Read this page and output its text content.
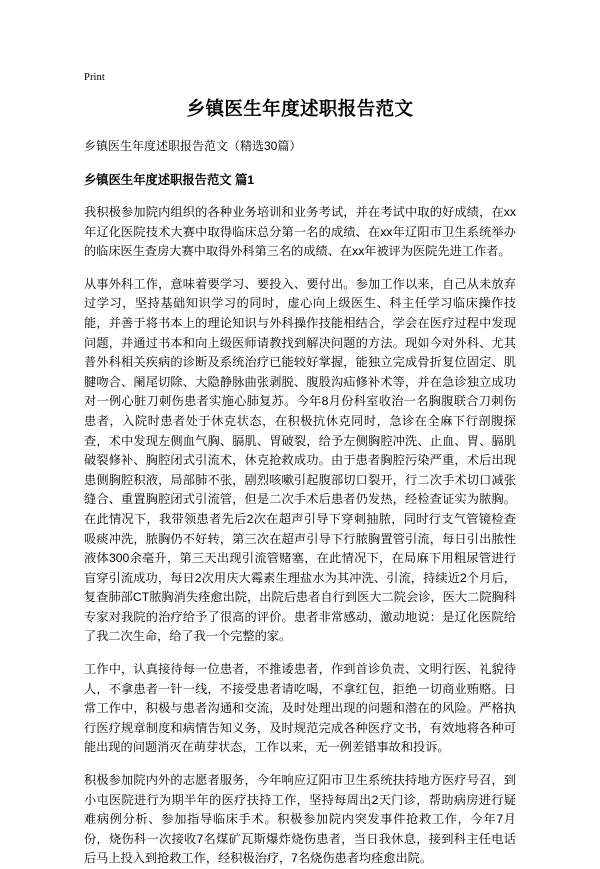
Print
乡镇医生年度述职报告范文

乡镇医生年度述职报告范文（精选30篇）

乡镇医生年度述职报告范文 篇1

我积极参加院内组织的各种业务培训和业务考试，并在考试中取的好成绩，在xx年辽化医院技术大赛中取得临床总分第一名的成绩、在xx年辽阳市卫生系统举办的临床医生查房大赛中取得外科第三名的成绩、在xx年被评为医院先进工作者。

从事外科工作，意味着要学习、要投入、要付出。参加工作以来，自己从未放弃过学习，坚持基础知识学习的同时，虚心向上级医生、科主任学习临床操作技能，并善于将书本上的理论知识与外科操作技能相结合，学会在医疗过程中发现问题，并通过书本和向上级医师请教找到解决问题的方法。现如今对外科、尤其普外科相关疾病的诊断及系统治疗已能较好掌握，能独立完成骨折复位固定、肌腱吻合、阑尾切除、大隐静脉曲张剥脱、腹股沟疝修补术等，并在急诊独立成功对一例心脏刀刺伤患者实施心肺复苏。今年8月份科室收治一名胸腹联合刀刺伤患者，入院时患者处于休克状态，在积极抗休克同时，急诊在全麻下行剖腹探查，术中发现左侧血气胸、膈肌、胃破裂，给予左侧胸腔冲洗、止血、胃、膈肌破裂修补、胸腔闭式引流术，休克抢救成功。由于患者胸腔污染严重，术后出现患侧胸腔积液，局部肺不张，剧烈咳嗽引起腹部切口裂开，行二次手术切口减张缝合、重置胸腔闭式引流管，但是二次手术后患者仍发热，经检查证实为脓胸。在此情况下，我带领患者先后2次在超声引导下穿刺抽脓，同时行支气管镜检查吸痰冲洗，脓胸仍不好转，第三次在超声引导下行脓胸置管引流，每日引出脓性液体300余毫升，第三天出现引流管赌塞，在此情况下，在局麻下用粗尿管进行盲穿引流成功，每日2次用庆大霉素生理盐水为其冲洗、引流，持续近2个月后，复查肺部CT脓胸消失痊愈出院，出院后患者自行到医大二院会诊，医大二院胸科专家对我院的治疗给予了很高的评价。患者非常感动，激动地说：是辽化医院给了我二次生命，给了我一个完整的家。

工作中，认真接待每一位患者，不推诿患者，作到首诊负责、文明行医、礼貌待人，不拿患者一针一线，不接受患者请吃喝，不拿红包，拒绝一切商业贿赂。日常工作中，积极与患者沟通和交流，及时处理出现的问题和潜在的风险。严格执行医疗规章制度和病情告知义务，及时规范完成各种医疗文书，有效地将各种可能出现的问题消灭在萌芽状态，工作以来，无一例差错事故和投诉。

积极参加院内外的志愿者服务，今年响应辽阳市卫生系统扶持地方医疗号召，到小屯医院进行为期半年的医疗扶持工作，坚持每周出2天门诊，帮助病房进行疑难病例分析、参加指导临床手术。积极参加院内突发事件抢救工作，今年7月份，烧伤科一次接收7名煤矿瓦斯爆炸烧伤患者，当日我休息，接到科主任电话后马上投入到抢救工作，经积极治疗，7名烧伤患者均痊愈出院。
